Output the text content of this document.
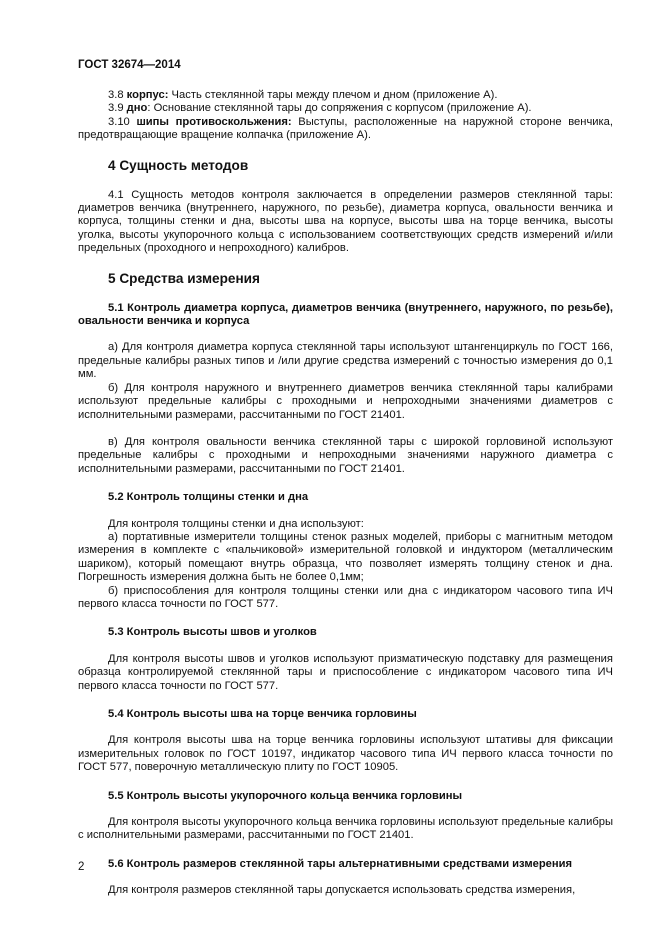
ГОСТ 32674—2014

3.8 корпус: Часть стеклянной тары между плечом и дном (приложение А).

3.9 дно: Основание стеклянной тары до сопряжения с корпусом (приложение А).

3.10 шипы противоскольжения: Выступы, расположенные на наружной стороне венчика, предотвращающие вращение колпачка (приложение А).

4 Сущность методов

4.1 Сущность методов контроля заключается в определении размеров стеклянной тары: диаметров венчика (внутреннего, наружного, по резьбе), диаметра корпуса, овальности венчика и корпуса, толщины стенки и дна, высоты шва на корпусе, высоты шва на торце венчика, высоты уголка, высоты укупорочного кольца с использованием соответствующих средств измерений и/или предельных (проходного и непроходного) калибров.

5 Средства измерения

5.1 Контроль диаметра корпуса, диаметров венчика (внутреннего, наружного, по резьбе), овальности венчика и корпуса

а) Для контроля диаметра корпуса стеклянной тары используют штангенциркуль по ГОСТ 166, предельные калибры разных типов и /или другие средства измерений с точностью измерения до 0,1 мм.

б) Для контроля наружного и внутреннего диаметров венчика стеклянной тары калибрами используют предельные калибры с проходными и непроходными значениями диаметров с исполнительными размерами, рассчитанными по ГОСТ 21401.

в) Для контроля овальности венчика стеклянной тары с широкой горловиной используют предельные калибры с проходными и непроходными значениями наружного диаметра с исполнительными размерами, рассчитанными по ГОСТ 21401.

5.2 Контроль толщины стенки и дна

Для контроля толщины стенки и дна используют:

а) портативные измерители толщины стенок разных моделей, приборы с магнитным методом измерения в комплекте с «пальчиковой» измерительной головкой и индуктором (металлическим шариком), который помещают внутрь образца, что позволяет измерять толщину стенок и дна. Погрешность измерения должна быть не более 0,1мм;

б) приспособления для контроля толщины стенки или дна с индикатором часового типа ИЧ первого класса точности по ГОСТ 577.

5.3 Контроль высоты швов и уголков

Для контроля высоты швов и уголков используют призматическую подставку для размещения образца контролируемой стеклянной тары и приспособление с индикатором часового типа ИЧ первого класса точности по ГОСТ 577.

5.4 Контроль высоты шва на торце венчика горловины

Для контроля высоты шва на торце венчика горловины используют штативы для фиксации измерительных головок по ГОСТ 10197, индикатор часового типа ИЧ первого класса точности по ГОСТ 577, поверочную металлическую плиту по ГОСТ 10905.

5.5 Контроль высоты укупорочного кольца венчика горловины

Для контроля высоты укупорочного кольца венчика горловины используют предельные калибры с исполнительными размерами, рассчитанными по ГОСТ 21401.

5.6 Контроль размеров стеклянной тары альтернативными средствами измерения

Для контроля размеров стеклянной тары допускается использовать средства измерения,

2
